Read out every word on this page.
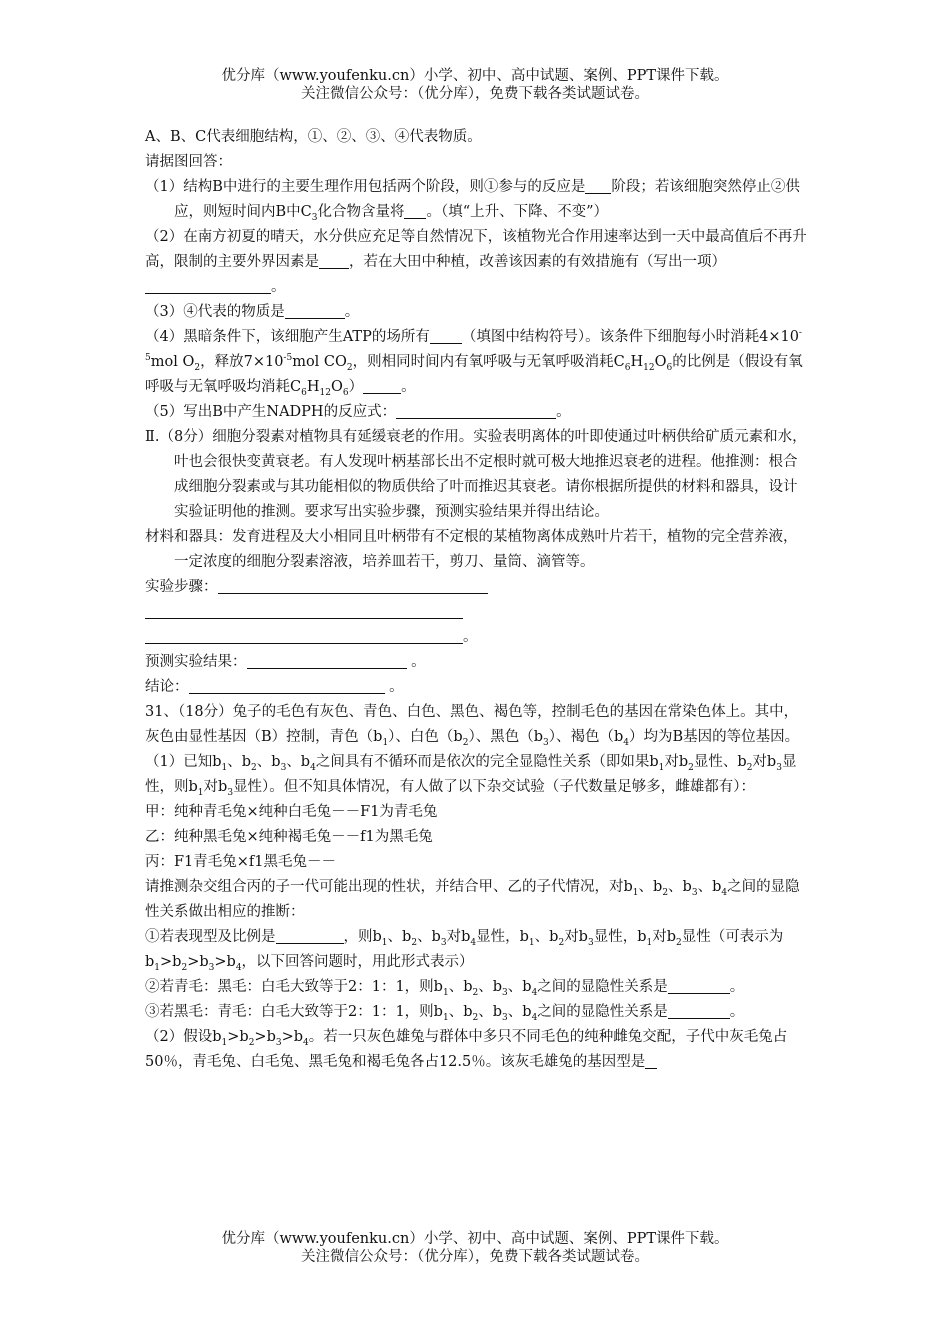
优分库（www.youfenku.cn）小学、初中、高中试题、案例、PPT课件下载。
关注微信公众号：（优分库），免费下载各类试题试卷。

A、B、C代表细胞结构，①、②、③、④代表物质。

请据图回答：

（1）结构B中进行的主要生理作用包括两个阶段，则①参与的反应是 阶段；若该细胞突然停止②供应，则短时间内B中$C_3$化合物含量将 。（填“上升、下降、不变”）

（2）在南方初夏的晴天，水分供应充足等自然情况下，该植物光合作用速率达到一天中最高值后不再升高，限制的主要外界因素是 ，若在大田中种植，改善该因素的有效措施有（写出一项）
。

（3）④代表的物质是	。

（4）黑暗条件下，该细胞产生ATP的场所有 （填图中结构符号）。该条件下细胞每小时消耗$4\times 10^{-5}mol$ $O_2$，释放$7\times 10^{-5}mol$ $CO_2$，则相同时间内有氧呼吸与无氧呼吸消耗$C_6H_{12}O_6$的比例是（假设有氧呼吸与无氧呼吸均消耗$C_6H_{12}O_6$）	。

（5）写出B中产生NADPH的反应式：	。

Ⅱ.（8分）细胞分裂素对植物具有延缓衰老的作用。实验表明离体的叶即使通过叶柄供给矿质元素和水，叶也会很快变黄衰老。有人发现叶柄基部长出不定根时就可极大地推迟衰老的进程。他推测：根合成细胞分裂素或与其功能相似的物质供给了叶而推迟其衰老。请你根据所提供的材料和器具，设计实验证明他的推测。要求写出实验步骤，预测实验结果并得出结论。

材料和器具：发育进程及大小相同且叶柄带有不定根的某植物离体成熟叶片若干，植物的完全营养液，一定浓度的细胞分裂素溶液，培养皿若干，剪刀、量筒、滴管等。

实验步骤：

。

预测实验结果：	。

结论：	。

31、（18分）兔子的毛色有灰色、青色、白色、黑色、褐色等，控制毛色的基因在常染色体上。其中，灰色由显性基因（B）控制，青色$(b_1)$、白色$(b_2)$、黑色$(b_3)$、褐色$(b_4)$均为B基因的等位基因。

（1）已知$b_1$、$b_2$、$b_3$、$b_4$之间具有不循环而是依次的完全显隐性关系（即如果$b_1$对$b_2$显性、$b_2$对$b_3$显性，则$b_1$对$b_3$显性）。但不知具体情况，有人做了以下杂交试验（子代数量足够多，雌雄都有）：

甲：纯种青毛兔×纯种白毛兔－－F1为青毛兔

乙：纯种黑毛兔×纯种褐毛兔－－f1为黑毛兔

丙：F1青毛兔×f1黑毛兔－－

请推测杂交组合丙的子一代可能出现的性状，并结合甲、乙的子代情况，对$b_1$、$b_2$、$b_3$、$b_4$之间的显隐性关系做出相应的推断：

①若表现型及比例是	，则$b_1$、$b_2$、$b_3$对$b_4$显性，$b_1$、$b_2$对$b_3$显性，$b_1$对$b_2$显性（可表示为$b_1>b_2>b_3>b_4$，以下回答问题时，用此形式表示）

②若青毛：黑毛：白毛大致等于2：1：1，则$b_1$、$b_2$、$b_3$、$b_4$之间的显隐性关系是	。

③若黑毛：青毛：白毛大致等于2：1：1，则$b_1$、$b_2$、$b_3$、$b_4$之间的显隐性关系是	。

（2）假设$b_1>b_2>b_3>b_4$。若一只灰色雄兔与群体中多只不同毛色的纯种雌兔交配，子代中灰毛兔占50％，青毛兔、白毛兔、黑毛兔和褐毛兔各占12.5％。该灰毛雄兔的基因型是

优分库（www.youfenku.cn）小学、初中、高中试题、案例、PPT课件下载。
关注微信公众号：（优分库），免费下载各类试题试卷。
